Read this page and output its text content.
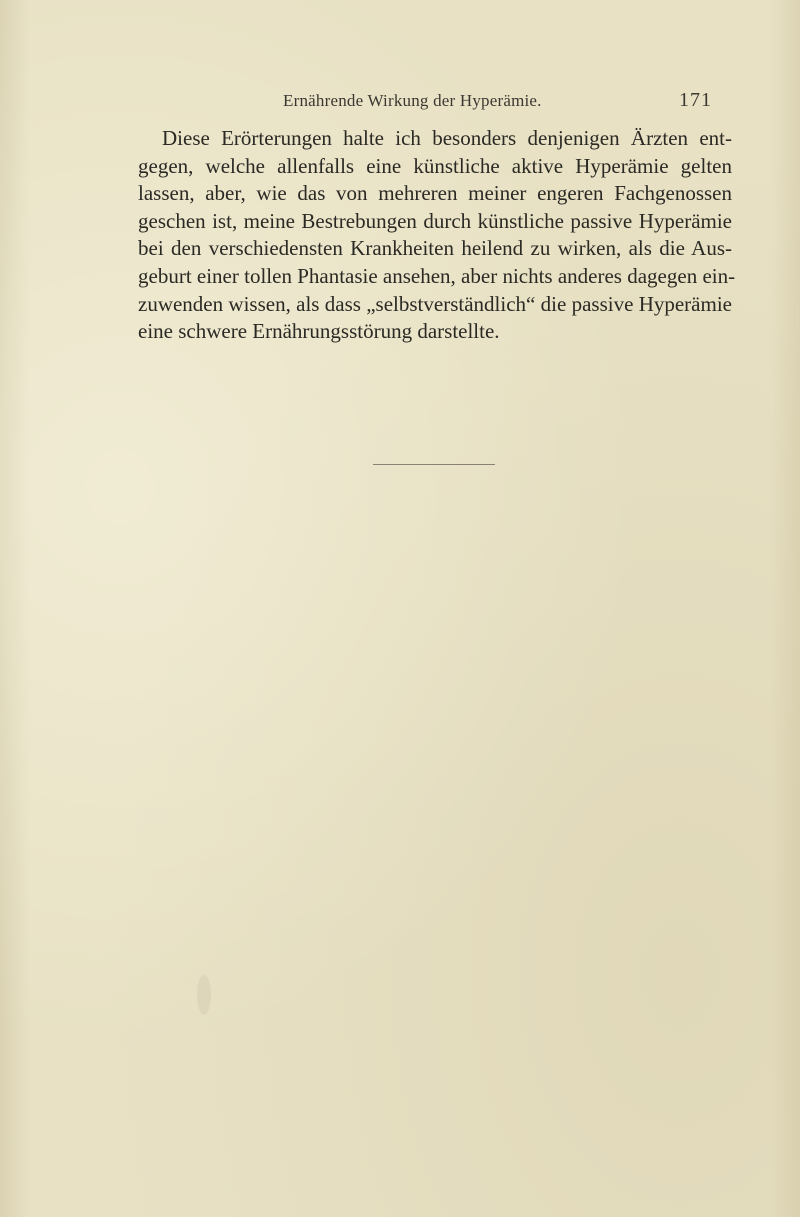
Ernährende Wirkung der Hyperämie.	171
Diese Erörterungen halte ich besonders denjenigen Ärzten ent-
gegen, welche allenfalls eine künstliche aktive Hyperämie gelten
lassen, aber, wie das von mehreren meiner engeren Fachgenossen
geschen ist, meine Bestrebungen durch künstliche passive Hyperämie
bei den verschiedensten Krankheiten heilend zu wirken, als die Aus-
geburt einer tollen Phantasie ansehen, aber nichts anderes dagegen ein-
zuwenden wissen, als dass „selbstverständlich“ die passive Hyperämie
eine schwere Ernährungsstörung darstellte.
